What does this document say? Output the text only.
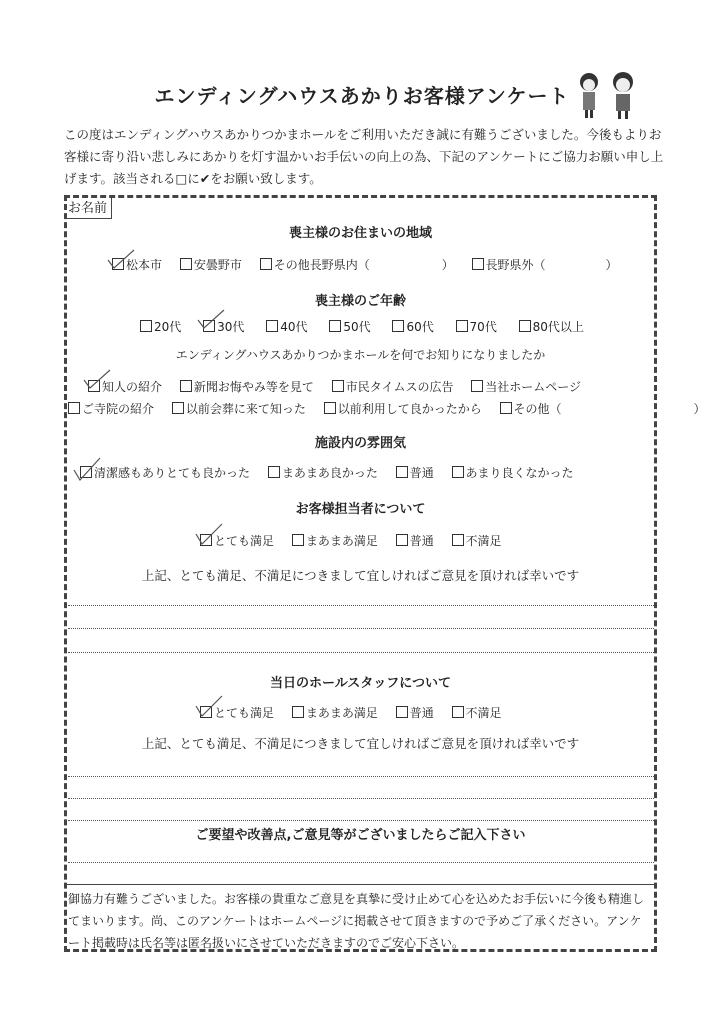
エンディングハウスあかりお客様アンケート
この度はエンディングハウスあかりつかまホールをご利用いただき誠に有難うございました。今後もよりお客様に寄り沿い悲しみにあかりを灯す温かいお手伝いの向上の為、下記のアンケートにご協力お願い申し上げます。該当される□に✔をお願い致します。
お名前
喪主様のお住まいの地域
松本市	安曇野市	その他長野県内（　　　　　　）	長野県外（　　　　　）
喪主様のご年齢
20代	30代	40代	50代	60代	70代	80代以上
エンディングハウスあかりつかまホールを何でお知りになりましたか
知人の紹介	新聞お悔やみ等を見て	市民タイムスの広告	当社ホームページ
ご寺院の紹介	以前会葬に来て知った	以前利用して良かったから	その他（　　　　　　　　　　　）
施設内の雰囲気
清潔感もありとても良かった	まあまあ良かった	普通	あまり良くなかった
お客様担当者について
とても満足	まあまあ満足	普通	不満足
上記、とても満足、不満足につきまして宜しければご意見を頂ければ幸いです
当日のホールスタッフについて
とても満足	まあまあ満足	普通	不満足
上記、とても満足、不満足につきまして宜しければご意見を頂ければ幸いです
ご要望や改善点,ご意見等がございましたらご記入下さい
御協力有難うございました。お客様の貴重なご意見を真摯に受け止めて心を込めたお手伝いに今後も精進してまいります。尚、このアンケートはホームページに掲載させて頂きますので予めご了承ください。アンケート掲載時は氏名等は匿名扱いにさせていただきますのでご安心下さい。
